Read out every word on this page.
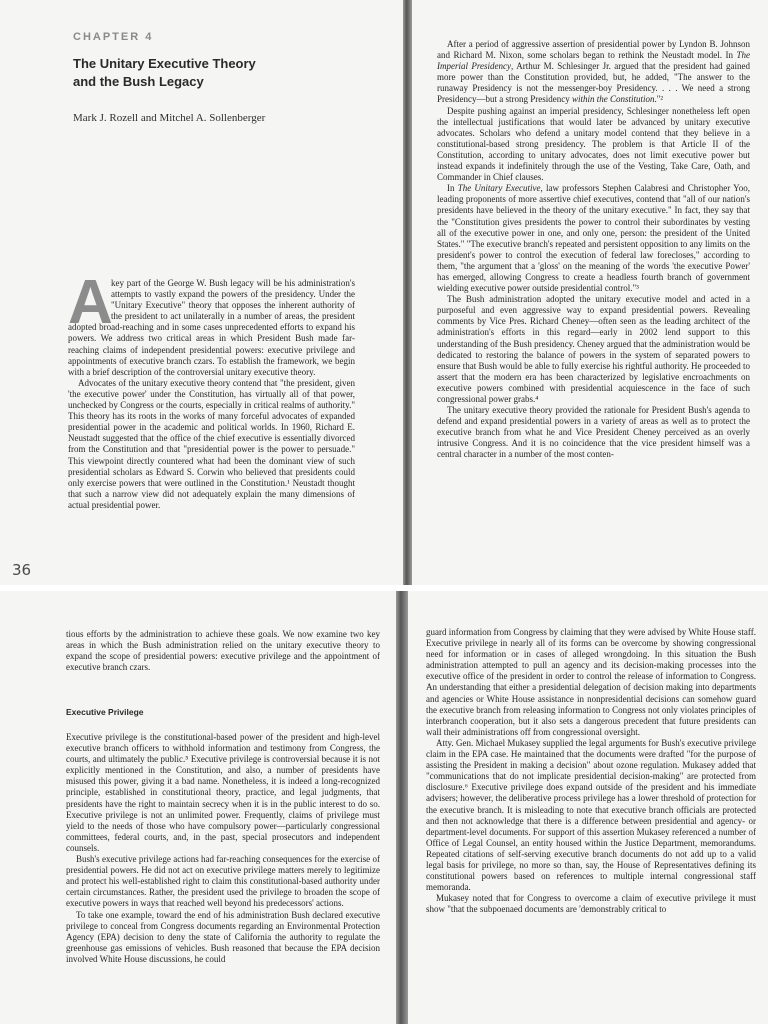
CHAPTER 4
The Unitary Executive Theory
and the Bush Legacy
Mark J. Rozell and Mitchel A. Sollenberger
A

key part of the George W. Bush legacy will be his administration's attempts to vastly expand the powers of the presidency. Under the "Unitary Executive" theory that opposes the inherent authority of the president to act unilaterally in a number of areas, the president adopted broad-reaching and in some cases unprecedented efforts to expand his powers. We address two critical areas in which President Bush made far-reaching claims of independent presidential powers: executive privilege and appointments of executive branch czars. To establish the framework, we begin with a brief description of the controversial unitary executive theory.

Advocates of the unitary executive theory contend that "the president, given 'the executive power' under the Constitution, has virtually all of that power, unchecked by Congress or the courts, especially in critical realms of authority." This theory has its roots in the works of many forceful advocates of expanded presidential power in the academic and political worlds. In 1960, Richard E. Neustadt suggested that the office of the chief executive is essentially divorced from the Constitution and that "presidential power is the power to persuade." This viewpoint directly countered what had been the dominant view of such presidential scholars as Edward S. Corwin who believed that presidents could only exercise powers that were outlined in the Constitution.¹ Neustadt thought that such a narrow view did not adequately explain the many dimensions of actual presidential power.

After a period of aggressive assertion of presidential power by Lyndon B. Johnson and Richard M. Nixon, some scholars began to rethink the Neustadt model. In The Imperial Presidency, Arthur M. Schlesinger Jr. argued that the president had gained more power than the Constitution provided, but, he added, "The answer to the runaway Presidency is not the messenger-boy Presidency. . . . We need a strong Presidency—but a strong Presidency within the Constitution."²

Despite pushing against an imperial presidency, Schlesinger nonetheless left open the intellectual justifications that would later be advanced by unitary executive advocates. Scholars who defend a unitary model contend that they believe in a constitutional-based strong presidency. The problem is that Article II of the Constitution, according to unitary advocates, does not limit executive power but instead expands it indefinitely through the use of the Vesting, Take Care, Oath, and Commander in Chief clauses.

In The Unitary Executive, law professors Stephen Calabresi and Christopher Yoo, leading proponents of more assertive chief executives, contend that "all of our nation's presidents have believed in the theory of the unitary executive." In fact, they say that the "Constitution gives presidents the power to control their subordinates by vesting all of the executive power in one, and only one, person: the president of the United States." "The executive branch's repeated and persistent opposition to any limits on the president's power to control the execution of federal law forecloses," according to them, "the argument that a 'gloss' on the meaning of the words 'the executive Power' has emerged, allowing Congress to create a headless fourth branch of government wielding executive power outside presidential control."³

The Bush administration adopted the unitary executive model and acted in a purposeful and even aggressive way to expand presidential powers. Revealing comments by Vice Pres. Richard Cheney—often seen as the leading architect of the administration's efforts in this regard—early in 2002 lend support to this understanding of the Bush presidency. Cheney argued that the administration would be dedicated to restoring the balance of powers in the system of separated powers to ensure that Bush would be able to fully exercise his rightful authority. He proceeded to assert that the modern era has been characterized by legislative encroachments on executive powers combined with presidential acquiescence in the face of such congressional power grabs.⁴

The unitary executive theory provided the rationale for President Bush's agenda to defend and expand presidential powers in a variety of areas as well as to protect the executive branch from what he and Vice President Cheney perceived as an overly intrusive Congress. And it is no coincidence that the vice president himself was a central character in a number of the most conten-

36

tious efforts by the administration to achieve these goals. We now examine two key areas in which the Bush administration relied on the unitary executive theory to expand the scope of presidential powers: executive privilege and the appointment of executive branch czars.

Executive Privilege

Executive privilege is the constitutional-based power of the president and high-level executive branch officers to withhold information and testimony from Congress, the courts, and ultimately the public.⁵ Executive privilege is controversial because it is not explicitly mentioned in the Constitution, and also, a number of presidents have misused this power, giving it a bad name. Nonetheless, it is indeed a long-recognized principle, established in constitutional theory, practice, and legal judgments, that presidents have the right to maintain secrecy when it is in the public interest to do so. Executive privilege is not an unlimited power. Frequently, claims of privilege must yield to the needs of those who have compulsory power—particularly congressional committees, federal courts, and, in the past, special prosecutors and independent counsels.

Bush's executive privilege actions had far-reaching consequences for the exercise of presidential powers. He did not act on executive privilege matters merely to legitimize and protect his well-established right to claim this constitutional-based authority under certain circumstances. Rather, the president used the privilege to broaden the scope of executive powers in ways that reached well beyond his predecessors' actions.

To take one example, toward the end of his administration Bush declared executive privilege to conceal from Congress documents regarding an Environmental Protection Agency (EPA) decision to deny the state of California the authority to regulate the greenhouse gas emissions of vehicles. Bush reasoned that because the EPA decision involved White House discussions, he could

guard information from Congress by claiming that they were advised by White House staff. Executive privilege in nearly all of its forms can be overcome by showing congressional need for information or in cases of alleged wrongdoing. In this situation the Bush administration attempted to pull an agency and its decision-making processes into the executive office of the president in order to control the release of information to Congress. An understanding that either a presidential delegation of decision making into departments and agencies or White House assistance in nonpresidential decisions can somehow guard the executive branch from releasing information to Congress not only violates principles of interbranch cooperation, but it also sets a dangerous precedent that future presidents can wall their administrations off from congressional oversight.

Atty. Gen. Michael Mukasey supplied the legal arguments for Bush's executive privilege claim in the EPA case. He maintained that the documents were drafted "for the purpose of assisting the President in making a decision" about ozone regulation. Mukasey added that "communications that do not implicate presidential decision-making" are protected from disclosure.⁶ Executive privilege does expand outside of the president and his immediate advisers; however, the deliberative process privilege has a lower threshold of protection for the executive branch. It is misleading to note that executive branch officials are protected and then not acknowledge that there is a difference between presidential and agency- or department-level documents. For support of this assertion Mukasey referenced a number of Office of Legal Counsel, an entity housed within the Justice Department, memorandums. Repeated citations of self-serving executive branch documents do not add up to a valid legal basis for privilege, no more so than, say, the House of Representatives defining its constitutional powers based on references to multiple internal congressional staff memoranda.

Mukasey noted that for Congress to overcome a claim of executive privilege it must show "that the subpoenaed documents are 'demonstrably critical to
